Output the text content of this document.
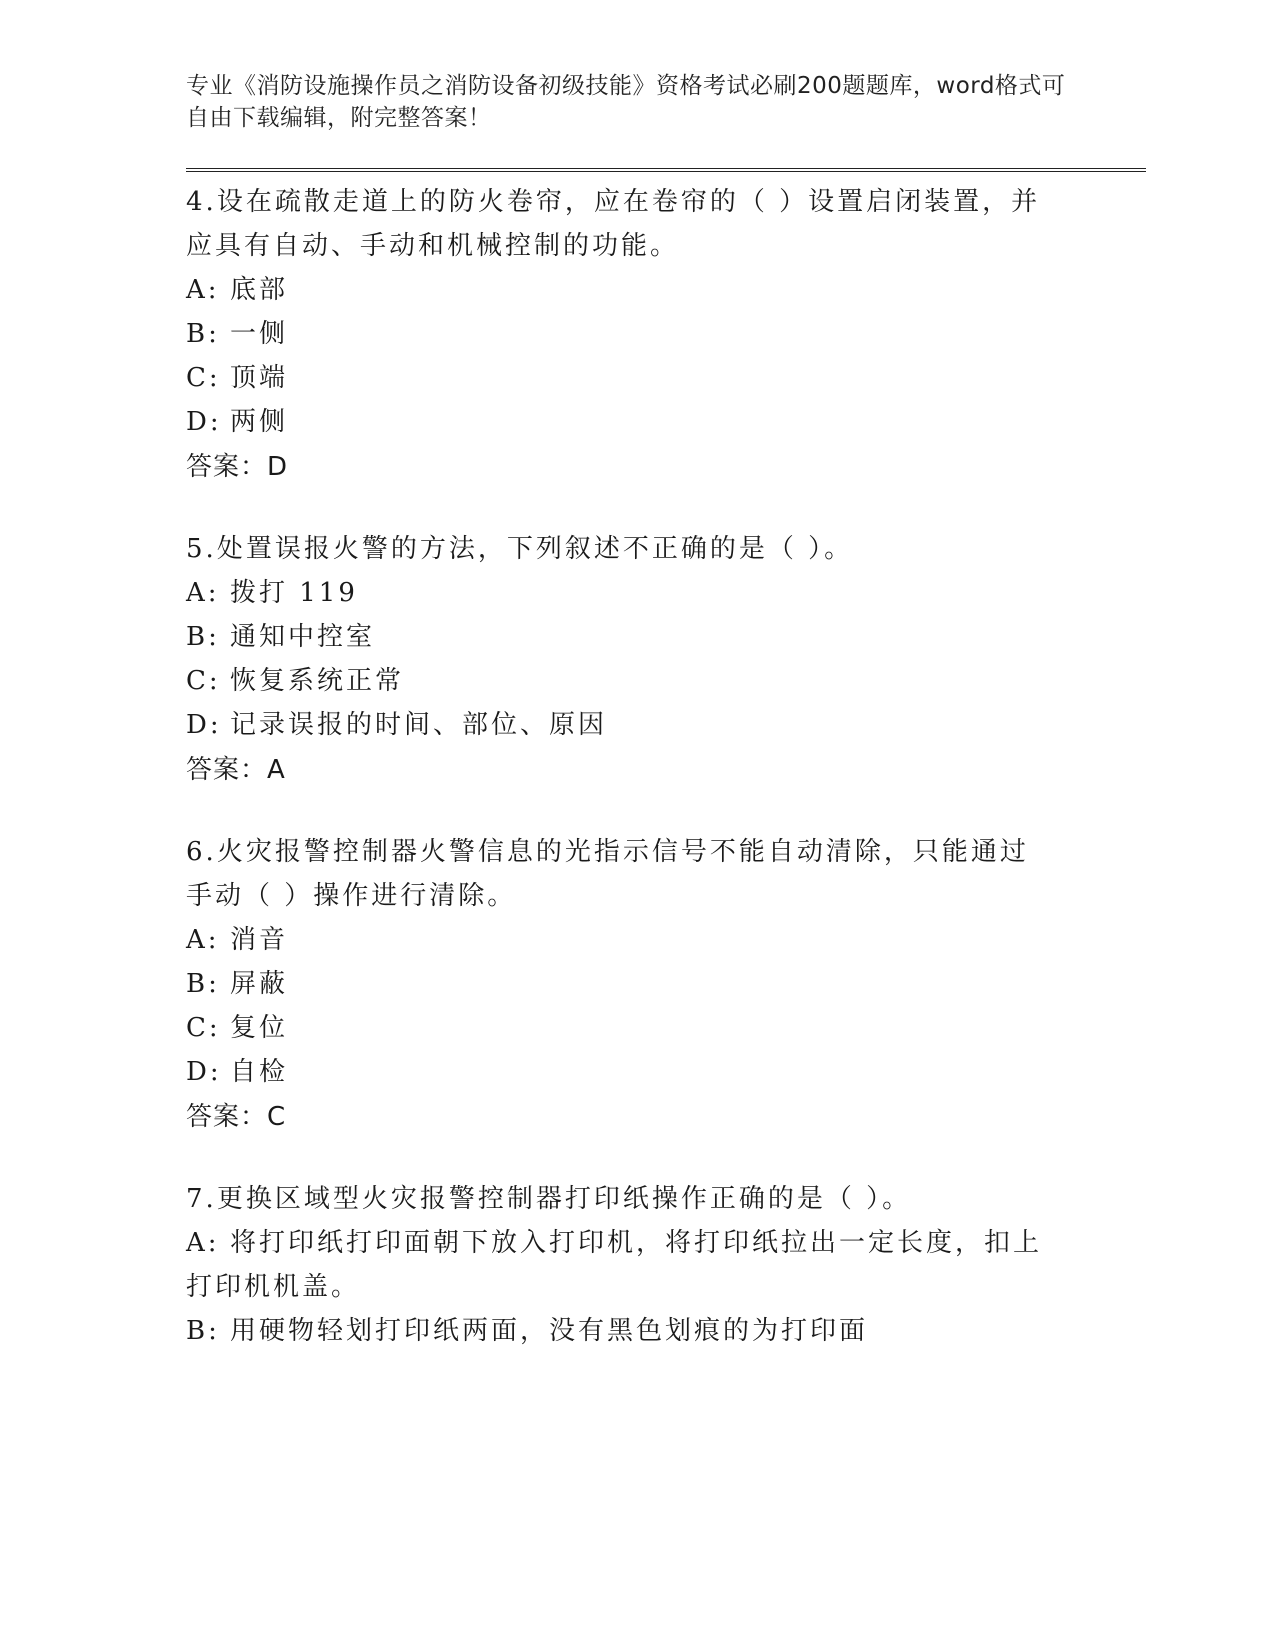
专业《消防设施操作员之消防设备初级技能》资格考试必刷200题题库，word格式可自由下载编辑，附完整答案！
4.设在疏散走道上的防火卷帘，应在卷帘的（ ）设置启闭装置，并应具有自动、手动和机械控制的功能。
A: 底部
B: 一侧
C: 顶端
D: 两侧
答案：D
5.处置误报火警的方法，下列叙述不正确的是（ ）。
A: 拨打 119
B: 通知中控室
C: 恢复系统正常
D: 记录误报的时间、部位、原因
答案：A
6.火灾报警控制器火警信息的光指示信号不能自动清除，只能通过手动（ ）操作进行清除。
A: 消音
B: 屏蔽
C: 复位
D: 自检
答案：C
7.更换区域型火灾报警控制器打印纸操作正确的是（ ）。
A: 将打印纸打印面朝下放入打印机，将打印纸拉出一定长度，扣上打印机机盖。
B: 用硬物轻划打印纸两面，没有黑色划痕的为打印面
